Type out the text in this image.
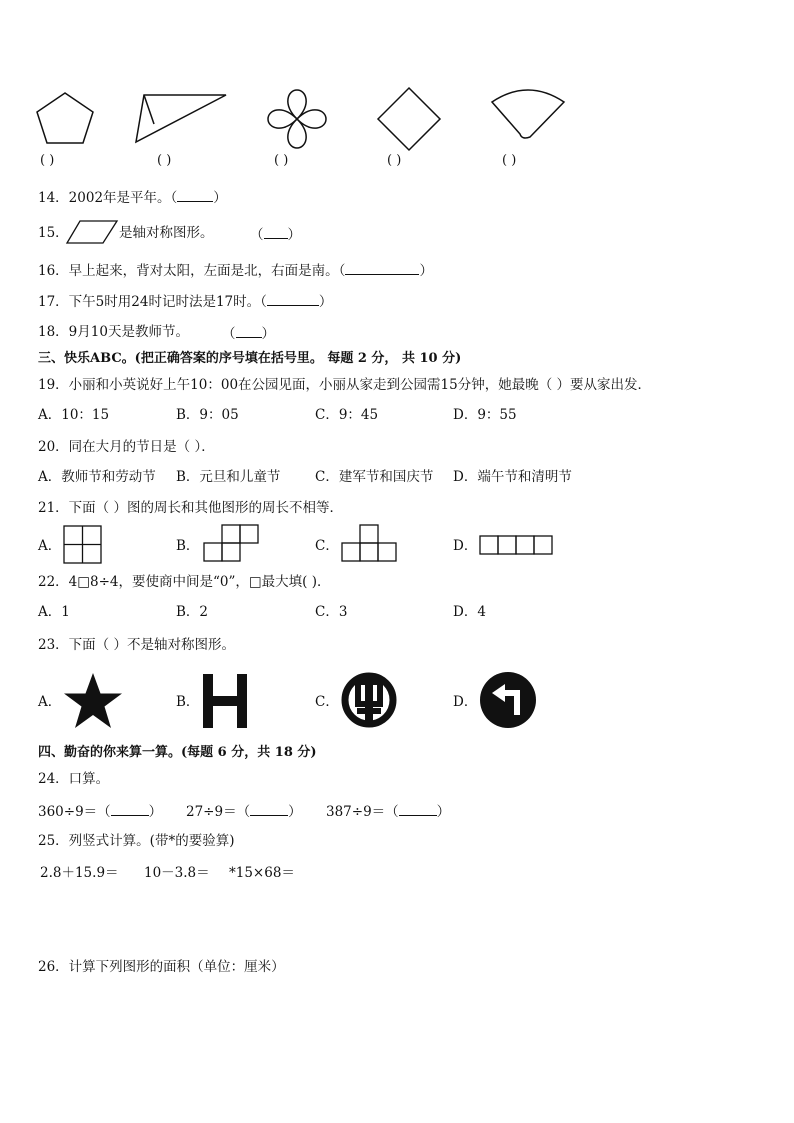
( )	( )	( )	( )	( )
14．2002年是平年。（	）
15．	是轴对称图形。	（ ）
16．早上起来，背对太阳，左面是北，右面是南。（	）
17．下午5时用24时记时法是17时。（	）
18．9月10天是教师节。 （ ）
三、快乐ABC。(把正确答案的序号填在括号里。 每题 2 分， 共 10 分)
19．小丽和小英说好上午10：00在公园见面，小丽从家走到公园需15分钟，她最晚（ ）要从家出发．
A．10：15	B．9：05	C．9：45	D．9：55
20．同在大月的节日是（ ）．
A．教师节和劳动节 B．元旦和儿童节	C．建军节和国庆节 D．端午节和清明节
21．下面（ ）图的周长和其他图形的周长不相等．
A．	B．	C．	D．
22．4□8÷4，要使商中间是“0”，□最大填( )．
A．1	B．2	C．3	D．4
23．下面（ ）不是轴对称图形。
A．	B．	C．	D．
四、勤奋的你来算一算。(每题 6 分，共 18 分)
24．口算。
360÷9＝（	） 27÷9＝（	） 387÷9＝（	）
25．列竖式计算。(带*的要验算)
2.8＋15.9＝ 10－3.8＝ *15×68＝
26．计算下列图形的面积（单位：厘米）
